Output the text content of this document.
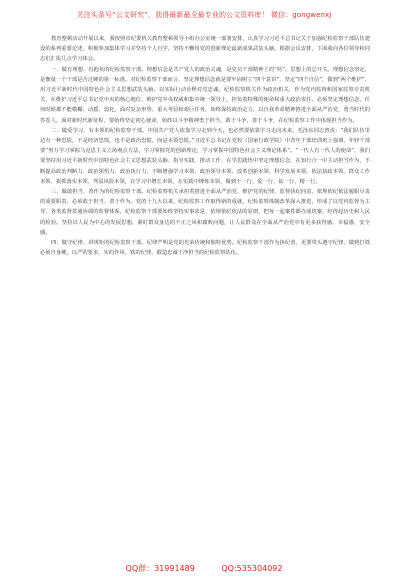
关注头条号“公文研究”，获得最新最全最专业的公文资料库！ 微信：gongwenxj

教育整顿活动开展以来，我按照市纪委机关教育整顿领导小组办公室统一部署安排，认真学习习近平总书记关于加强纪检监察干部队伍建设的系列重要论述，积极参加集体学习并坚持个人自学，坚持不懈用党的创新理论最新成果武装头脑。根据会议安排，下面我向各位领导和同志们汇报几点学习体会。

一、做有理想、有抱负的纪检监察干部。理想信念是共产党人的政治灵魂，是党员干部精神上的“钙”，思想上的总开关。理想信念坚定，是衡量一个干部是否过硬的第一标准。对纪检监察干部而言，坚定理想信念就是要牢固树立“四个意识”、坚定“四个自信”、做到“两个维护”，用习近平新时代中国特色社会主义思想武装头脑，以实际行动诠释对党忠诚。纪检监察机关作为政治机关，作为党内监督和国家监察专责机关，在维护习近平总书记党中央的核心地位、维护党中央权威和集中统一领导上，担负着特殊的使命和重大政治责任。必须坚定理想信念，任何时候都不能模糊、动摇、弱化，面对复杂形势、重大考验和艰巨任务，始终保持政治定力，以自我革命精神推进全面从严治党，勇当时代的答卷人，面对新时代新征程，要始终坚定初心使命，始终以斗争精神勇于担当，敢于斗争，善于斗争，在纪检监察工作中体现担当作为。

二、做爱学习、有本领的纪检监察干部。中国共产党人依靠学习走到今天，也必然要依靠学习走向未来。毛泽东同志曾说：“我们队伍里边有一种恐慌，不是经济恐慌，也不是政治恐慌，而是本领恐慌。”习近平总书记在党校（国家行政学院）中青年干部培训班上强调，年轻干部要“努力学习掌握马克思主义立场观点方法，学习掌握党的创新理论，学习掌握中国特色社会主义理论体系”。“一代人有一代人的使命”，我们要坚持用习近平新时代中国特色社会主义思想武装头脑、指导实践、推动工作，在学思践悟中坚定理想信念，在知行合一中主动担当作为，不断提高政治判断力、政治领悟力、政治执行力，不断增强学习本领、政治领导本领、改革创新本领、科学发展本领、依法执政本领、群众工作本领、狠抓落实本领、驾驭风险本领，在学习中增长本领，在实践中锤炼本领，做到干一行、爱一行、钻一行、精一行。

三、做敢担当、善作为的纪检监察干部。纪检监察机关承担着推进全面从严治党、维护党的纪律、监督执纪问责、依规依纪依法履职尽责的重要职责，必须敢于担当、善于作为。党的十九大以来，纪检监察工作取得新的成就，纪检监察体制改革深入推进，形成了以党内监督为主导、各类监督贯通协调的监督体系，纪检监察干部要始终坚持实事求是、依规依纪依法的原则，把每一起案件都办成铁案，经得起历史和人民的检验。坚持以人民为中心的发展思想，紧盯群众身边的不正之风和腐败问题，让人民群众在全面从严治党中有更多获得感、幸福感、安全感。

四、做守纪律、讲规矩的纪检监察干部。纪律严明是党的光荣传统和独特优势。纪检监察干部作为执纪者，更要带头遵守纪律，做到打铁必须自身硬，以严的要求、实的作风、铁的纪律，锻造忠诚干净担当的纪检监察队伍。

QQ群：31991489	QQ:535304092
